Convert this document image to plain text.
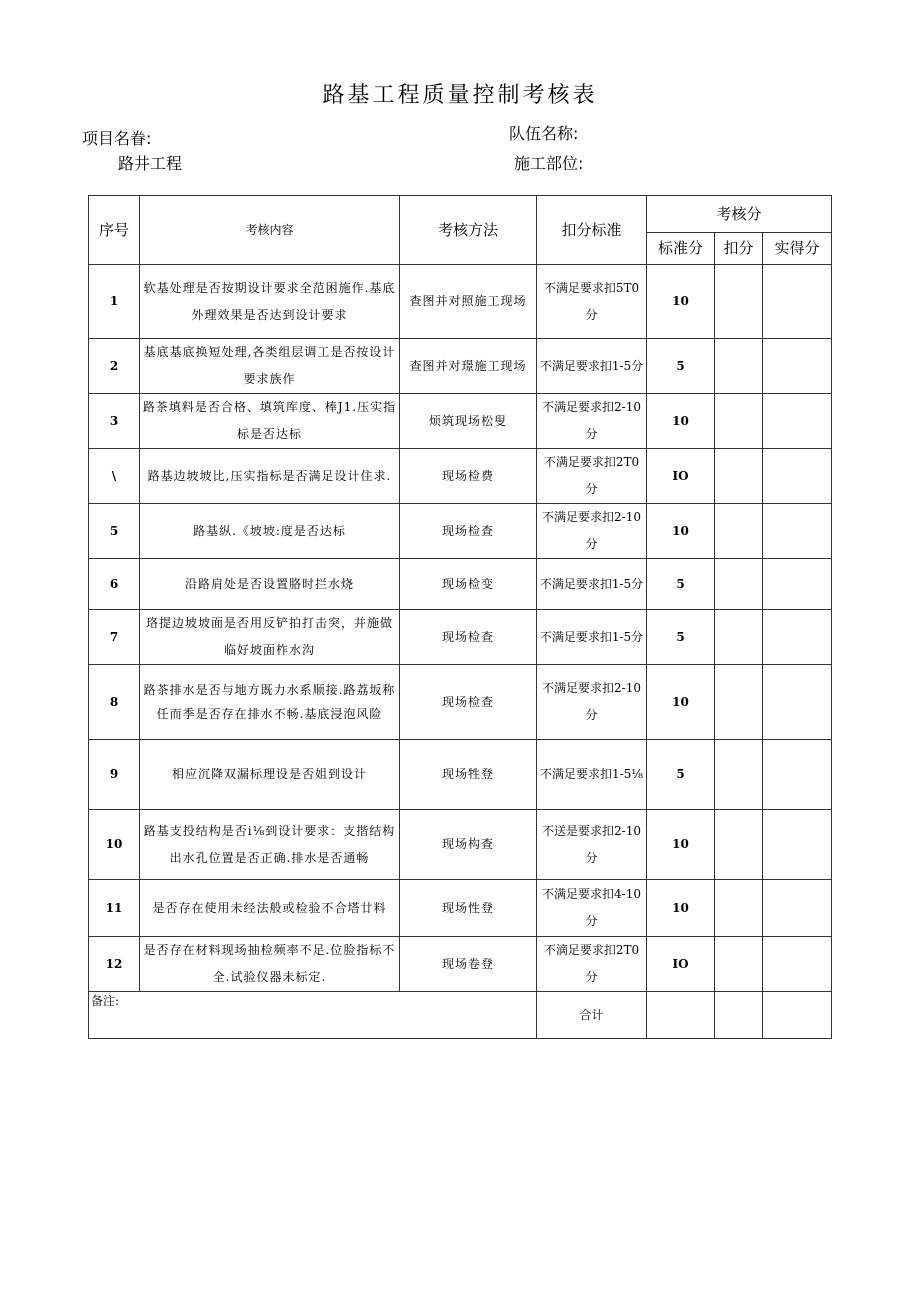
路基工程质量控制考核表
项目名眷:
路井工程
队伍名称:
施工部位:
序号	考核内容	考核方法	扣分标准	考核分		
				标准分	扣分	实得分
1	软基处理是否按期设计要求全范困施作.基底外理效果是否达到设计要求	查图并对照施工现场	不满足要求扣5T0分	10		
2	基底基底换短处理,各类组层调工是否按设计要求族作	查图并对璟施工现场	不满足要求扣1-5分	5		
3	路茶填料是否合格、填筑库度、棒J1.压实指标是否达标	烦筑现场松叟	不满足要求扣2-10分	10		
\	路基边坡坡比,压实指标是否满足设计住求.	现场检费	不满足要求扣2T0分	IO		
5	路基纵.《坡坡:度是否达标	现场检查	不满足要求扣2-10分	10		
6	沿路肩处是否设置胳时拦水烧	现场检变	不满足要求扣1-5分	5		
7	珞提边坡坡面是否用反铲拍打击突，并施做临好坡面柞水沟	现场检查	不满足要求扣1-5分	5		
8	路茶排水是否与地方既力水系顺接.路荔坂称任而季是否存在排水不畅.基底浸泡风险	现场检查	不满足要求扣2-10分	10		
9	相应沉降双漏标理设是否姐到设计	现场牲登	不满足要求扣1-5⅛	5		
10	路基支投结构是否i⅛到设计要求：支揩结构出水孔位置是否正确.排水是否通畅	现场构查	不送是要求扣2-10分	10		
11	是否存在使用未经法般或检验不合塔廿料	现场性登	不满足要求扣4-10分	10		
12	是否存在材料现场抽检频率不足.位脸指标不全.试验仪器未标定.	现场卷登	不滴足要求扣2T0分	IO		
备注:			合计			
